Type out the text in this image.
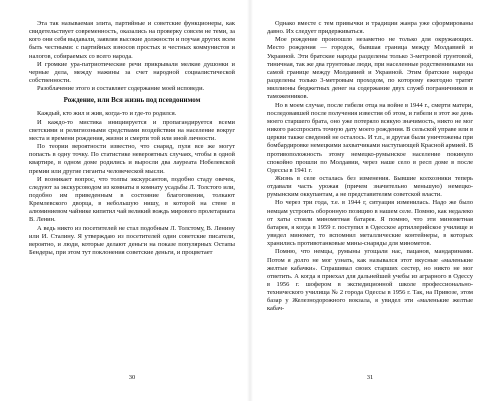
Эта так называемая элита, партийные и советские функционеры, как свидетельствует современность, оказались на проверку совсем не теми, за кого они себя выдавали, заявляя высокие должности и поучая других всем быть честными: с партийных взносов простых и честных коммунистов и налогов, собираемых со всего народа.

И громкие ура-патриотические речи прикрывали мелкие душонки и черные дела, между нажины за счет народной социалистической собственности.

Разоблачение этого и составляет содержание моей исповеди.

Рождение, или Вся жизнь под псевдонимом

Каждый, кто жил и жив, когда-то и где-то родился.

И каждо-то мистика инициируется и пропагандируется всеми светскими и религиозными средствами воздействия на население вокруг места и времени рождения, жизни и смерти той или иной личности.

По теории вероятности известно, что снаряд, пуля все же могут попасть в одну точку. По статистике невероятных случаях, чтобы в одной квартире, в одном доме родились и выросли два лауреата Нобелевской премии или другие гиганты человеческой мысли.

И возникает вопрос, что толпы экскурсантов, подобно стаду овечек, следуют за экскурсоводом из комнаты в комнату усадьбы Л. Толстого или, подобно им приведенным в состояние благоговения, толкают Кремлевского дворца, в небольшую нишу, в которой на стене в алюминиевом чайнике кипятил чай великий вождь мирового пролетариата В. Ленин.

А ведь никто из посетителей не стал подобным Л. Толстому, В. Ленину или И. Сталину. Я утверждаю из посетителей один советские писатели, вероятно, и люди, которые делают деньги на показе популярных Остапы Бендеры, при этом тут поклонения советские деньги, и процветает

30

Однако вместе с тем привычки и традиции жанра уже сформированы давно. Их следует придерживаться.

Мое рождение произошло незаметно не только для окружающих. Место рождения — городок, бывшая граница между Молдавией и Украиной. Эти братские народы разделены только 3-метровой грунтовой, тиничная, так же два грунтовые люди, при населенные родственниками на самой границе между Молдавией и Украиной. Этим братские народы разделены только 3-метровым проходом, по которому ежегодно тратят миллионы бюджетных денег на содержание двух служб пограничников и таможенников.

Но в моем случае, после гибели отца на войне в 1944 г., смерти матери, последовавшей после получения известия об этом, и гибели в этот же день моего старшего брата, оно уже потеряло всякую значимость, никто не мог никого расспросить точную дату моего рождения. В сельской управе или в церкви также сведений не осталось. И т.п., и другая были уничтожены при бомбардировке немецкими захватчиками наступающей Красной армией. В противоположность этому немецко-румынское население покинуло спокойно прошли по Молдавии, через наше село в респ доме в после Одессы в 1941 г.

Жизнь в селе осталась без изменения. Бывшие колхозники теперь отдавали часть урожая (причем значительно меньшую) немецко-румынским оккупантам, а не представителям советской власти.

Но через три года, т.е. в 1944 г, ситуация изменилась. Надо же было немцам устроить оборонную позицию в нашем селе. Помню, как недалеко от хаты стояли минометная батарея. Я помню, что эти минометная батарея, я когда в 1959 г. поступил в Одесское артиллерийское училище и увидел миномет, то вспомнил металлические контейнеры, в которых хранились противотанковые мины-снаряды для минометов.

Помню, что немцы, румыны угощали нас, пацанов, мандаринами. Потом я долго не мог узнать, как назывался этот вкусные «маленькие желтые кабачки». Спрашивал своих старших сестер, но никто не мог ответить. А когда я приехал для дальнейшей учебы из аграрного в Одессу в 1956 г. шофером в экспедиционной школе профессионально-технического училища № 2 города Одессы в 1956 г. Так, на Привозе, этом базар у Железнодорожного вокзала, я увидел эти «маленькие желтые кабач-

31
